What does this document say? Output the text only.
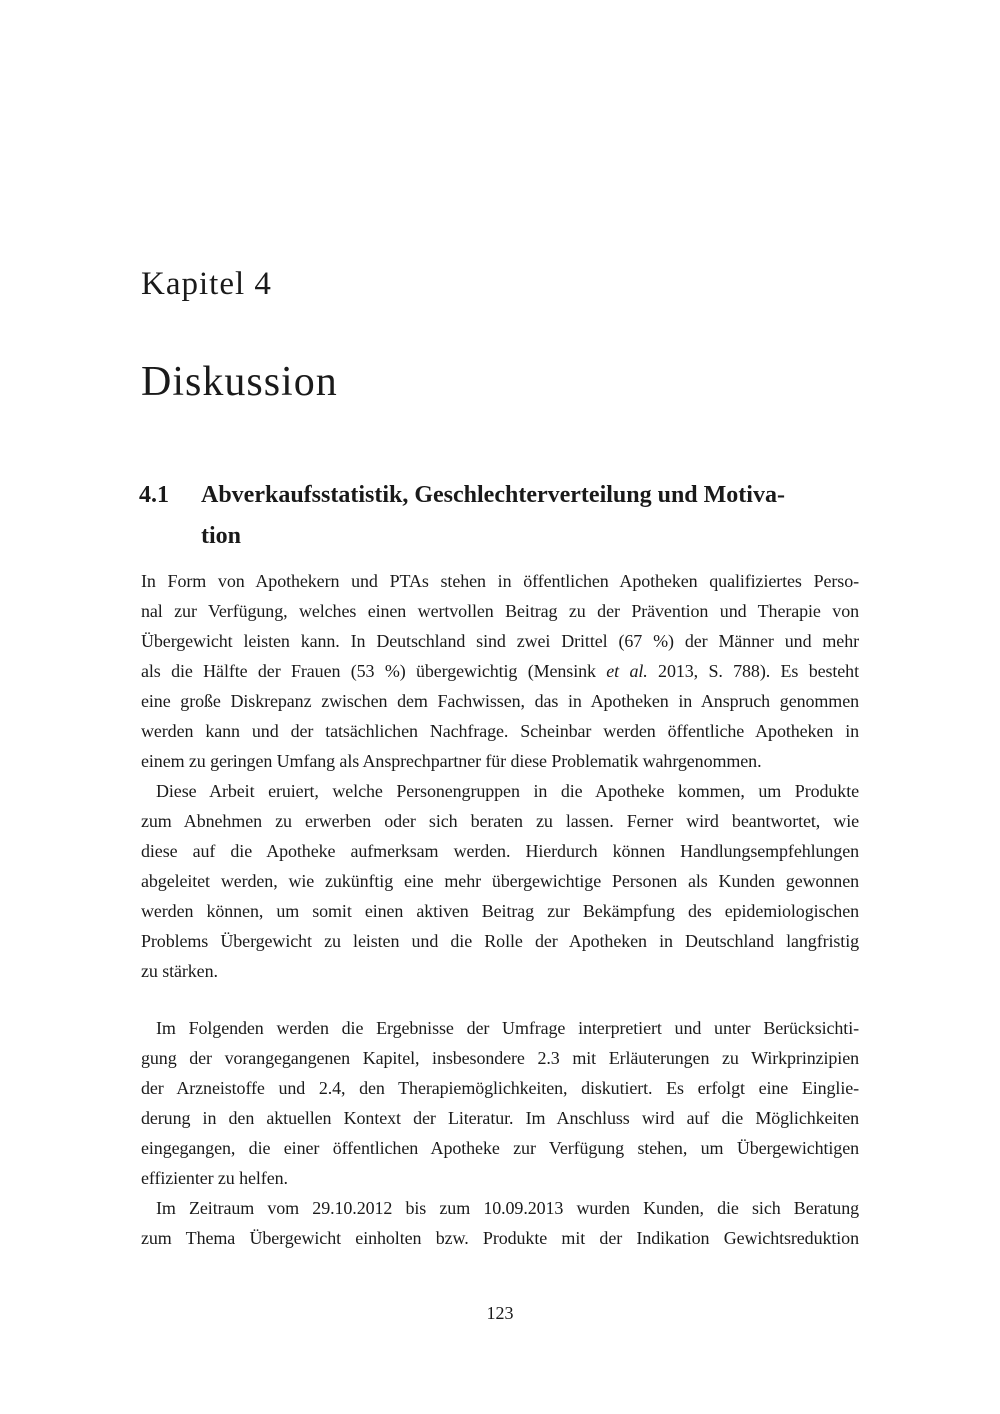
Kapitel 4
Diskussion
4.1	Abverkaufsstatistik, Geschlechterverteilung und Motiva-
tion
In Form von Apothekern und PTAs stehen in öffentlichen Apotheken qualifiziertes Perso-
nal zur Verfügung, welches einen wertvollen Beitrag zu der Prävention und Therapie von
Übergewicht leisten kann. In Deutschland sind zwei Drittel (67 %) der Männer und mehr
als die Hälfte der Frauen (53 %) übergewichtig (Mensink et al. 2013, S. 788). Es besteht
eine große Diskrepanz zwischen dem Fachwissen, das in Apotheken in Anspruch genommen
werden kann und der tatsächlichen Nachfrage. Scheinbar werden öffentliche Apotheken in
einem zu geringen Umfang als Ansprechpartner für diese Problematik wahrgenommen.
Diese Arbeit eruiert, welche Personengruppen in die Apotheke kommen, um Produkte
zum Abnehmen zu erwerben oder sich beraten zu lassen. Ferner wird beantwortet, wie
diese auf die Apotheke aufmerksam werden. Hierdurch können Handlungsempfehlungen
abgeleitet werden, wie zukünftig eine mehr übergewichtige Personen als Kunden gewonnen
werden können, um somit einen aktiven Beitrag zur Bekämpfung des epidemiologischen
Problems Übergewicht zu leisten und die Rolle der Apotheken in Deutschland langfristig
zu stärken.
Im Folgenden werden die Ergebnisse der Umfrage interpretiert und unter Berücksichti-
gung der vorangegangenen Kapitel, insbesondere 2.3 mit Erläuterungen zu Wirkprinzipien
der Arzneistoffe und 2.4, den Therapiemöglichkeiten, diskutiert. Es erfolgt eine Einglie-
derung in den aktuellen Kontext der Literatur. Im Anschluss wird auf die Möglichkeiten
eingegangen, die einer öffentlichen Apotheke zur Verfügung stehen, um Übergewichtigen
effizienter zu helfen.
Im Zeitraum vom 29.10.2012 bis zum 10.09.2013 wurden Kunden, die sich Beratung
zum Thema Übergewicht einholten bzw. Produkte mit der Indikation Gewichtsreduktion
123
